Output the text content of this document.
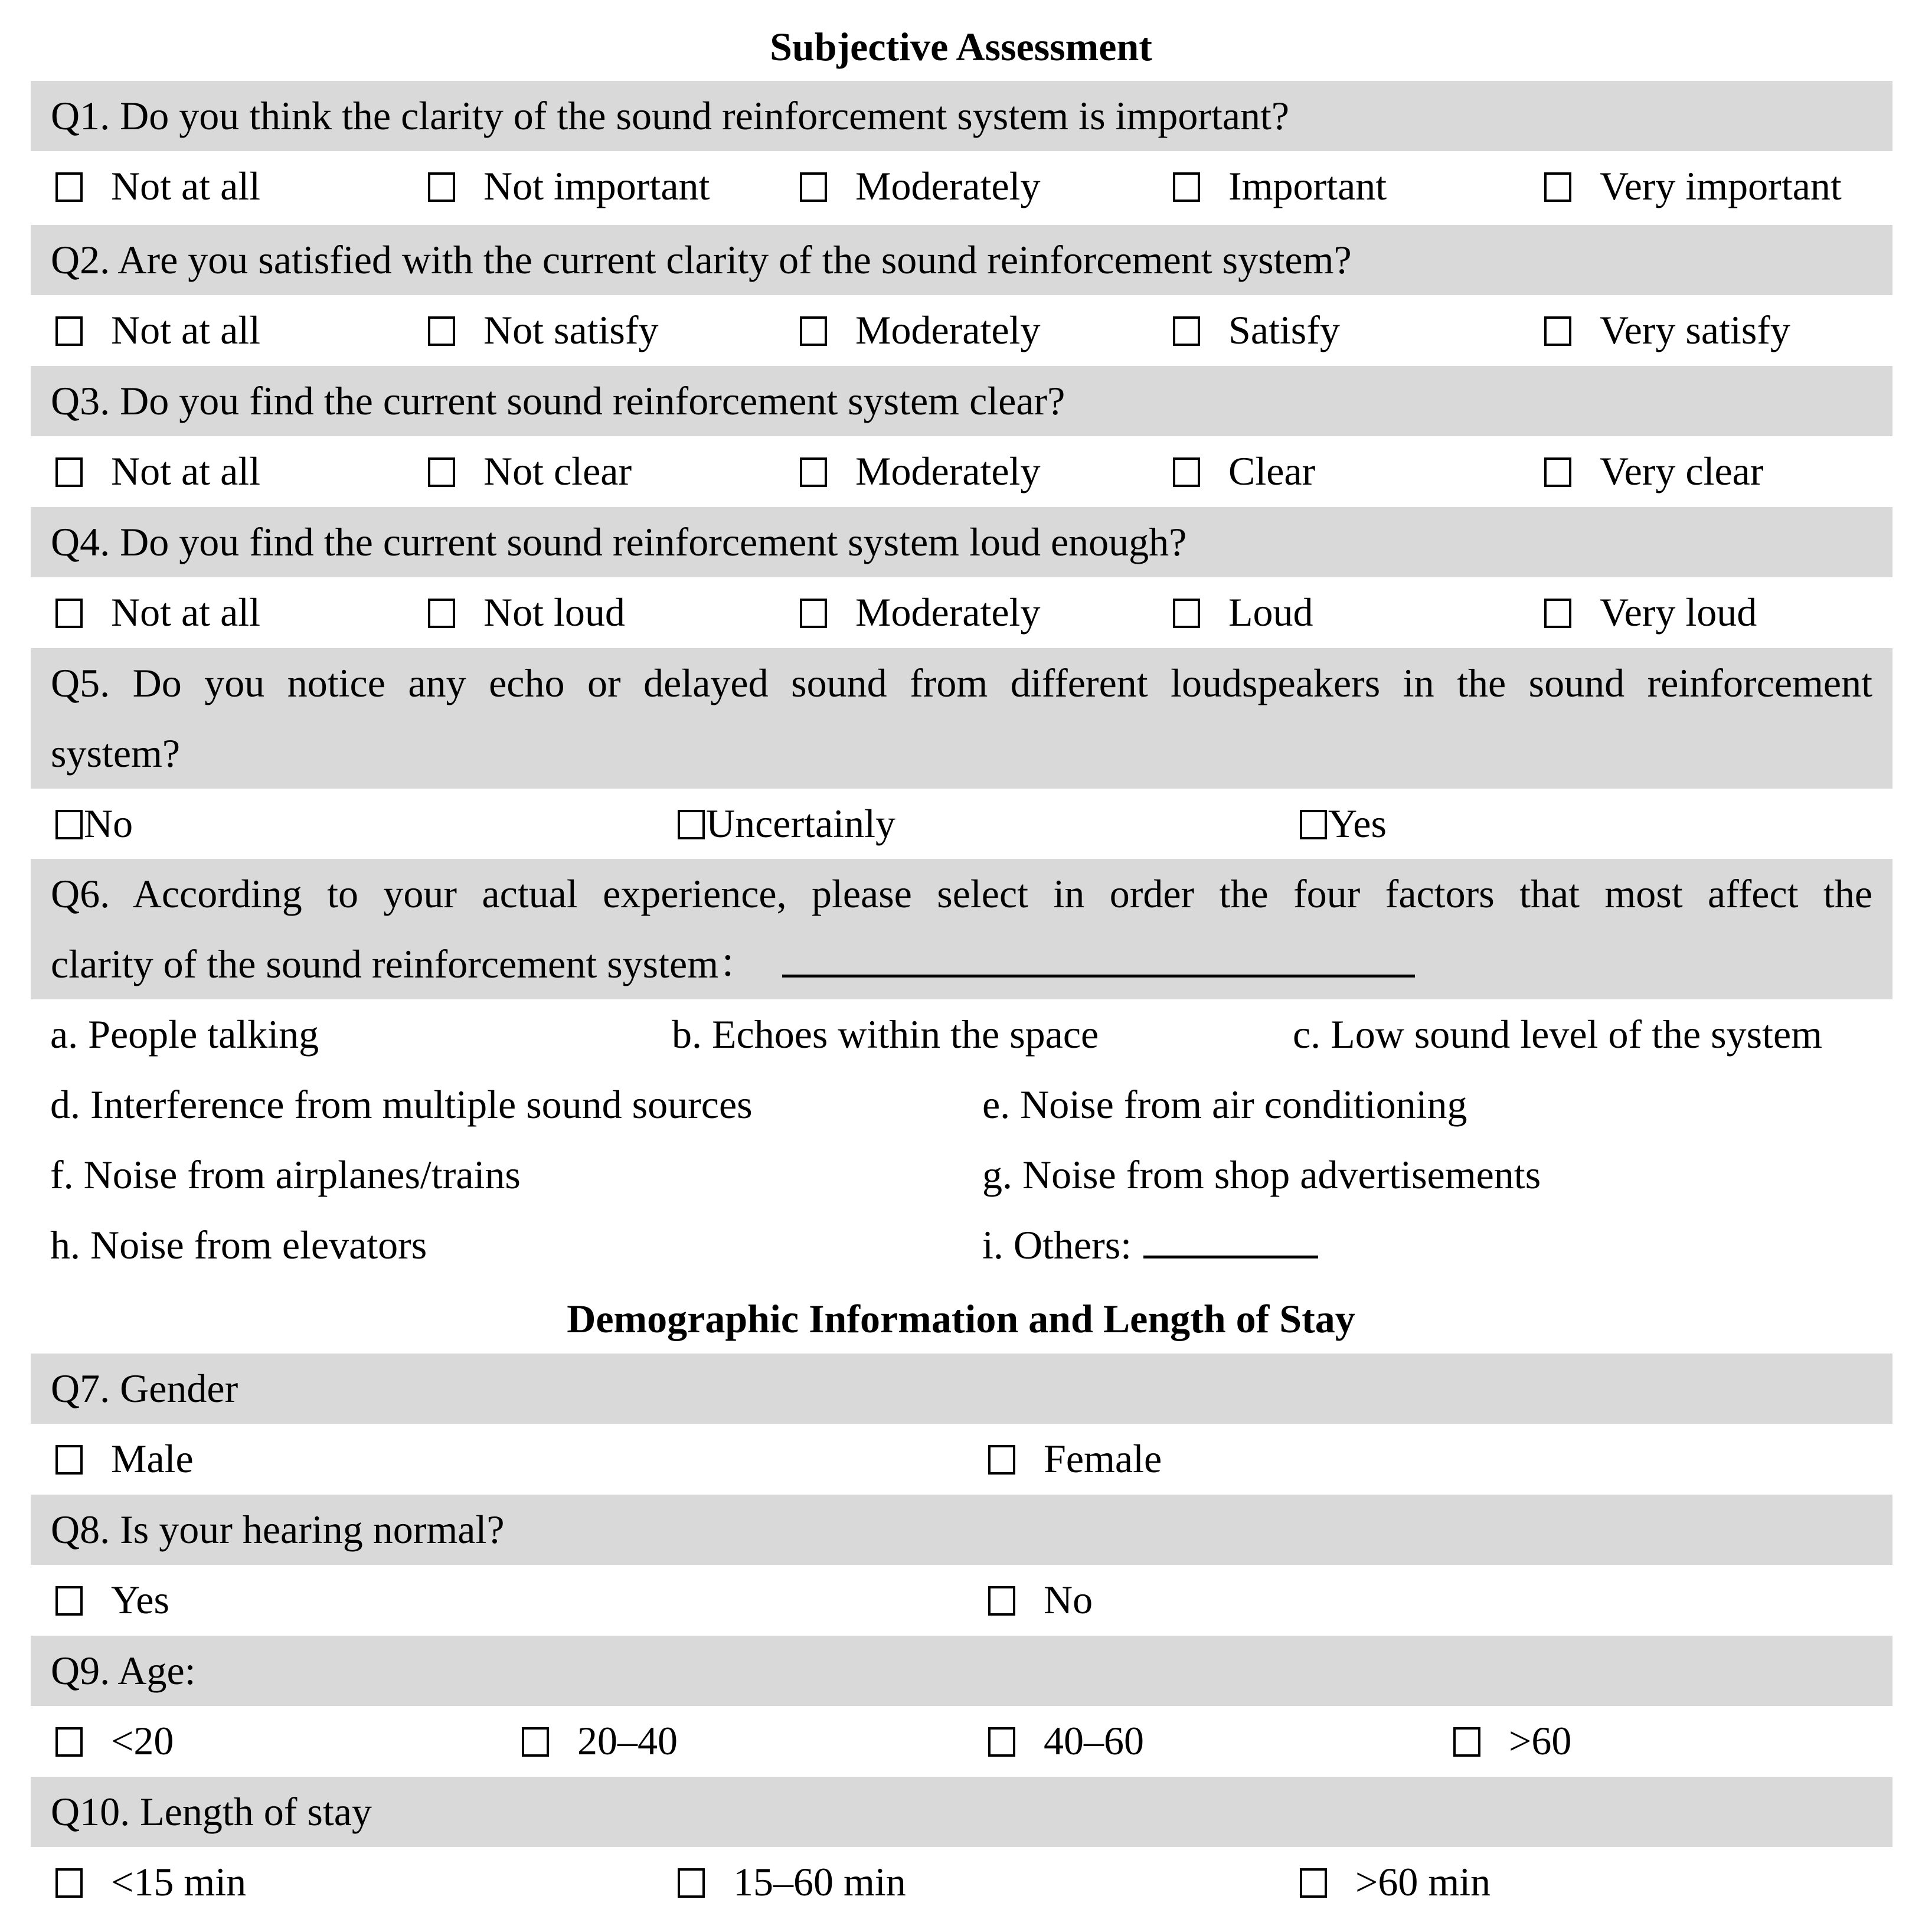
Subjective Assessment
Q1. Do you think the clarity of the sound reinforcement system is important?
Not at all	Not important	Moderately	Important	Very important
Q2. Are you satisfied with the current clarity of the sound reinforcement system?
Not at all	Not satisfy	Moderately	Satisfy	Very satisfy
Q3. Do you find the current sound reinforcement system clear?
Not at all	Not clear	Moderately	Clear	Very clear
Q4. Do you find the current sound reinforcement system loud enough?
Not at all	Not loud	Moderately	Loud	Very loud
Q5. Do you notice any echo or delayed sound from different loudspeakers in the sound reinforcement
system?
No	Uncertainly	Yes
Q6. According to your actual experience, please select in order the four factors that most affect the
clarity of the sound reinforcement system：
a. People talking	b. Echoes within the space	c. Low sound level of the system
d. Interference from multiple sound sources	e. Noise from air conditioning
f. Noise from airplanes/trains	g. Noise from shop advertisements
h. Noise from elevators	i. Others:
Demographic Information and Length of Stay
Q7. Gender
Male	Female
Q8. Is your hearing normal?
Yes	No
Q9. Age:
<20	20–40	40–60	>60
Q10. Length of stay
<15 min	15–60 min	>60 min
